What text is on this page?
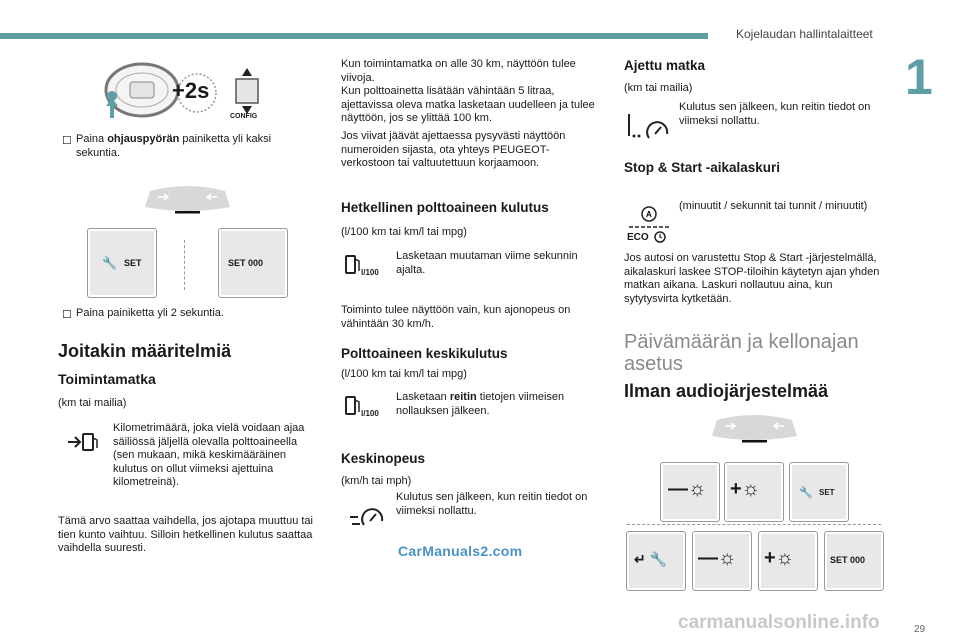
Kojelaudan hallintalaitteet
1
29
+2s
CONFIG
☐ Paina ohjauspyörän painiketta yli kaksi sekuntia.
🔧 SET	SET 000
☐ Paina painiketta yli 2 sekuntia.
Joitakin määritelmiä
Toimintamatka
(km tai mailia)
Kilometrimäärä, joka vielä voidaan ajaa säiliössä jäljellä olevalla polttoaineella (sen mukaan, mikä keskimääräinen kulutus on ollut viimeksi ajettuina kilometreinä).
Tämä arvo saattaa vaihdella, jos ajotapa muuttuu tai tien kunto vaihtuu. Silloin hetkellinen kulutus saattaa vaihdella suuresti.
Kun toimintamatka on alle 30 km, näyttöön tulee viivoja.
Kun polttoainetta lisätään vähintään 5 litraa, ajettavissa oleva matka lasketaan uudelleen ja tulee näyttöön, jos se ylittää 100 km.
Jos viivat jäävät ajettaessa pysyvästi näyttöön numeroiden sijasta, ota yhteys PEUGEOT-verkostoon tai valtuutettuun korjaamoon.
Hetkellinen polttoaineen kulutus
(l/100 km tai km/l tai mpg)
l/100
Lasketaan muutaman viime sekunnin ajalta.
Toiminto tulee näyttöön vain, kun ajonopeus on vähintään 30 km/h.
Polttoaineen keskikulutus
(l/100 km tai km/l tai mpg)
l/100
Lasketaan reitin tietojen viimeisen nollauksen jälkeen.
Keskinopeus
(km/h tai mph)
Kulutus sen jälkeen, kun reitin tiedot on viimeksi nollattu.
CarManuals2.com
Ajettu matka
(km tai mailia)
Kulutus sen jälkeen, kun reitin tiedot on viimeksi nollattu.
Stop & Start -aikalaskuri
A
ECO
(minuutit / sekunnit tai tunnit / minuutit)
Jos autosi on varustettu Stop & Start -järjestelmällä, aikalaskuri laskee STOP-tiloihin käytetyn ajan yhden matkan aikana. Laskuri nollautuu aina, kun sytytysvirta kytketään.
Päivämäärän ja kellonajan asetus
Ilman audiojärjestelmää
—☼ +☼	🔧 SET
↵ 🔧 —☼ +☼	SET 000
carmanualsonline.info
